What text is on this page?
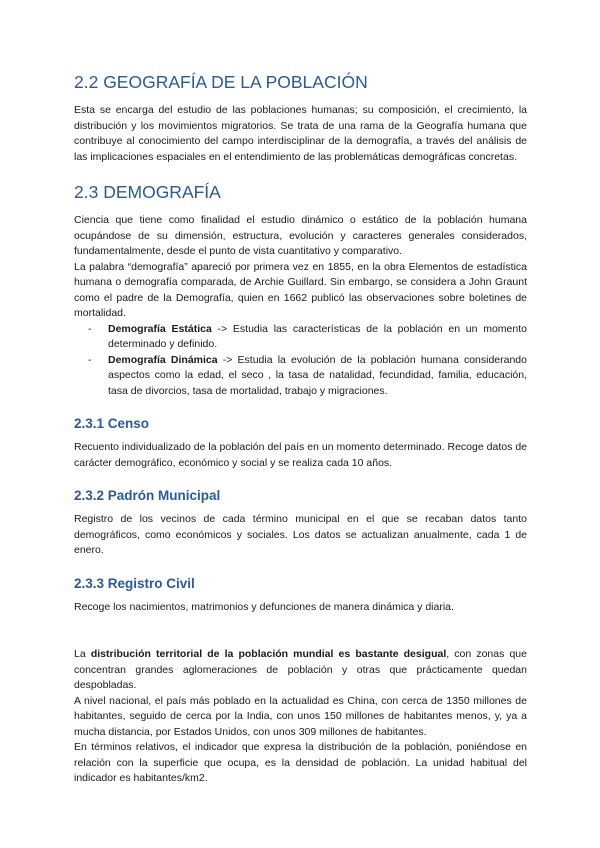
2.2 GEOGRAFÍA DE LA POBLACIÓN

Esta se encarga del estudio de las poblaciones humanas; su composición, el crecimiento, la distribución y los movimientos migratorios. Se trata de una rama de la Geografía humana que contribuye al conocimiento del campo interdisciplinar de la demografía, a través del análisis de las implicaciones espaciales en el entendimiento de las problemáticas demográficas concretas.

2.3 DEMOGRAFÍA

Ciencia que tiene como finalidad el estudio dinámico o estático de la población humana ocupándose de su dimensión, estructura, evolución y caracteres generales considerados, fundamentalmente, desde el punto de vista cuantitativo y comparativo.

La palabra “demografía” apareció por primera vez en 1855, en la obra Elementos de estadística humana o demografía comparada, de Archie Guillard. Sin embargo, se considera a John Graunt como el padre de la Demografía, quien en 1662 publicó las observaciones sobre boletines de mortalidad.

- Demografía Estática -> Estudia las características de la población en un momento determinado y definido.
- Demografía Dinámica -> Estudia la evolución de la población humana considerando aspectos como la edad, el seco , la tasa de natalidad, fecundidad, familia, educación, tasa de divorcios, tasa de mortalidad, trabajo y migraciones.
2.3.1 Censo

Recuento individualizado de la población del país en un momento determinado. Recoge datos de carácter demográfico, económico y social y se realiza cada 10 años.

2.3.2 Padrón Municipal

Registro de los vecinos de cada término municipal en el que se recaban datos tanto demográficos, como económicos y sociales. Los datos se actualizan anualmente, cada 1 de enero.

2.3.3 Registro Civil

Recoge los nacimientos, matrimonios y defunciones de manera dinámica y diaria.

La distribución territorial de la población mundial es bastante desigual, con zonas que concentran grandes aglomeraciones de población y otras que prácticamente quedan despobladas.

A nivel nacional, el país más poblado en la actualidad es China, con cerca de 1350 millones de habitantes, seguido de cerca por la India, con unos 150 millones de habitantes menos, y, ya a mucha distancia, por Estados Unidos, con unos 309 millones de habitantes.

En términos relativos, el indicador que expresa la distribución de la población, poniéndose en relación con la superficie que ocupa, es la densidad de población. La unidad habitual del indicador es habitantes/km2.
